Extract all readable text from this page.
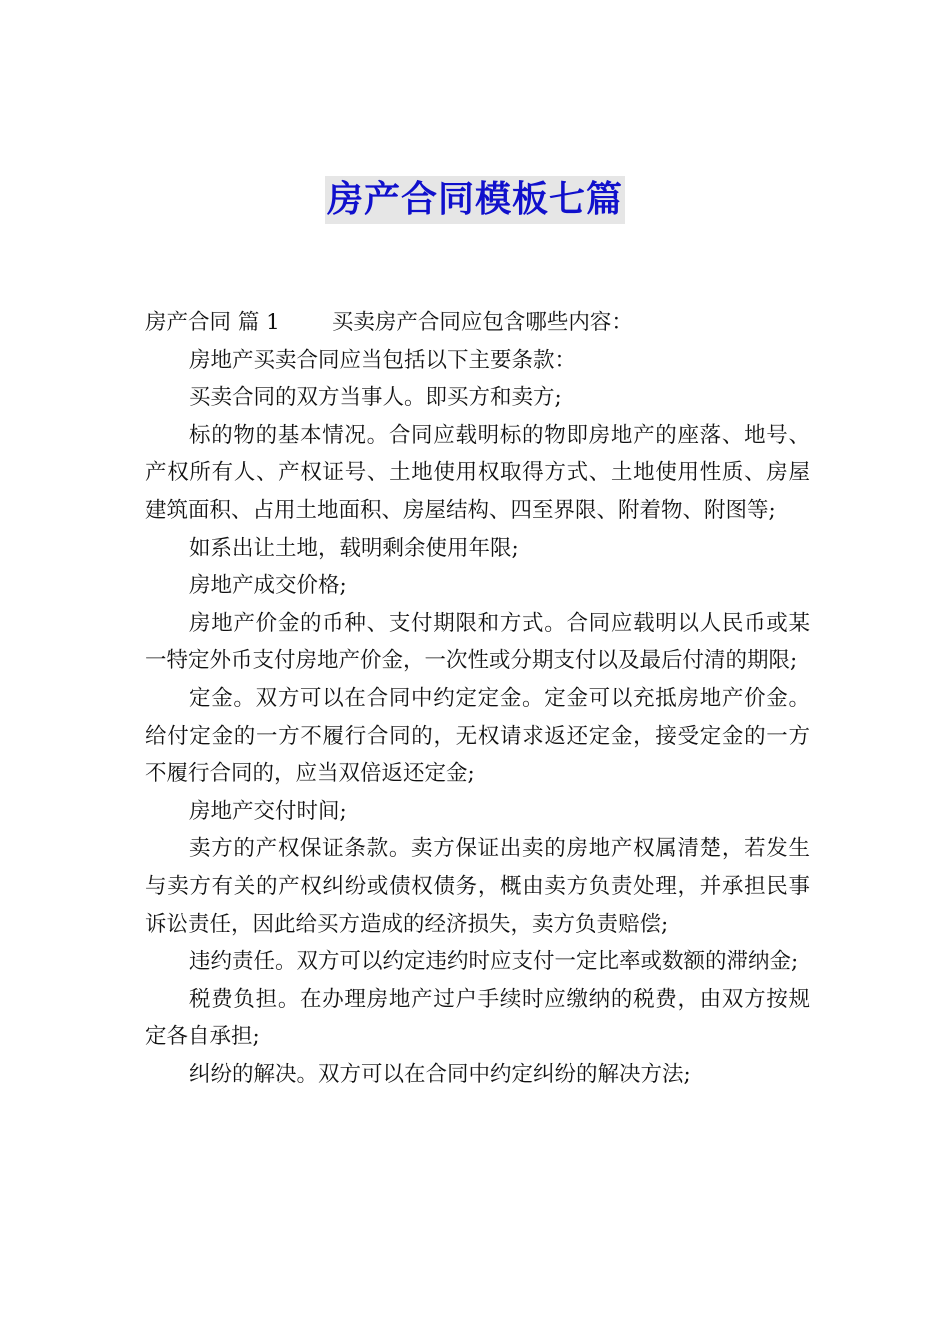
房产合同模板七篇

房产合同 篇 1 买卖房产合同应包含哪些内容：

房地产买卖合同应当包括以下主要条款：

买卖合同的双方当事人。即买方和卖方;

标的物的基本情况。合同应载明标的物即房地产的座落、地号、产权所有人、产权证号、土地使用权取得方式、土地使用性质、房屋建筑面积、占用土地面积、房屋结构、四至界限、附着物、附图等;

如系出让土地，载明剩余使用年限;

房地产成交价格;

房地产价金的币种、支付期限和方式。合同应载明以人民币或某一特定外币支付房地产价金，一次性或分期支付以及最后付清的期限;

定金。双方可以在合同中约定定金。定金可以充抵房地产价金。给付定金的一方不履行合同的，无权请求返还定金，接受定金的一方不履行合同的，应当双倍返还定金;

房地产交付时间;

卖方的产权保证条款。卖方保证出卖的房地产权属清楚，若发生与卖方有关的产权纠纷或债权债务，概由卖方负责处理，并承担民事诉讼责任，因此给买方造成的经济损失，卖方负责赔偿;

违约责任。双方可以约定违约时应支付一定比率或数额的滞纳金;

税费负担。在办理房地产过户手续时应缴纳的税费，由双方按规定各自承担;

纠纷的解决。双方可以在合同中约定纠纷的解决方法;
